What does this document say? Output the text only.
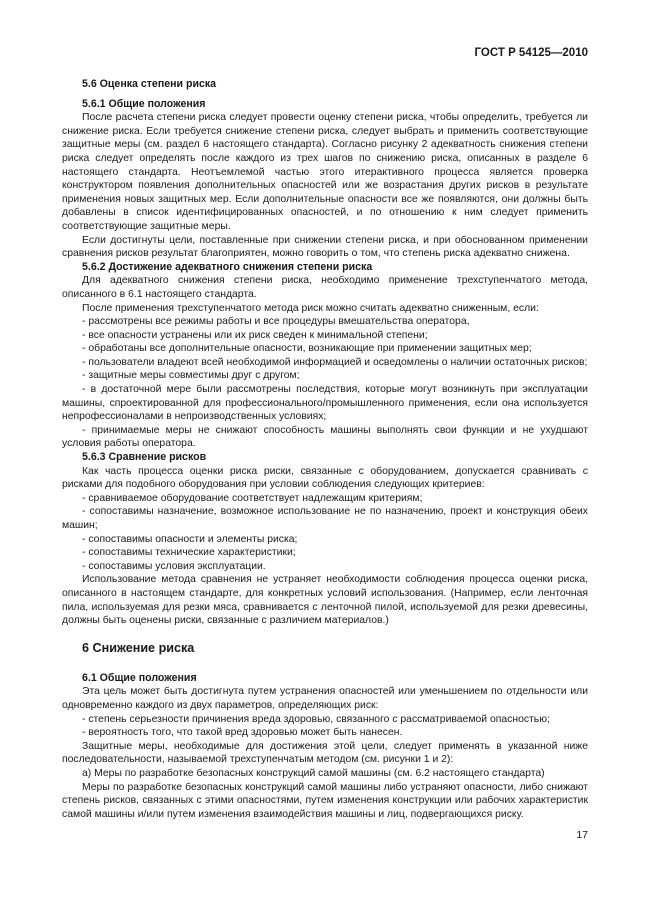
ГОСТ Р 54125—2010
5.6 Оценка степени риска
5.6.1 Общие положения

После расчета степени риска следует провести оценку степени риска, чтобы определить, требуется ли снижение риска. Если требуется снижение степени риска, следует выбрать и применить соответствующие защитные меры (см. раздел 6 настоящего стандарта). Согласно рисунку 2 адекватность снижения степени риска следует определять после каждого из трех шагов по снижению риска, описанных в разделе 6 настоящего стандарта. Неотъемлемой частью этого итерактивного процесса является проверка конструктором появления дополнительных опасностей или же возрастания других рисков в результате применения новых защитных мер. Если дополнительные опасности все же появляются, они должны быть добавлены в список идентифицированных опасностей, и по отношению к ним следует применить соответствующие защитные меры.

Если достигнуты цели, поставленные при снижении степени риска, и при обоснованном применении сравнения рисков результат благоприятен, можно говорить о том, что степень риска адекватно снижена.

5.6.2 Достижение адекватного снижения степени риска

Для адекватного снижения степени риска, необходимо применение трехступенчатого метода, описанного в 6.1 настоящего стандарта.

После применения трехступенчатого метода риск можно считать адекватно сниженным, если:

- рассмотрены все режимы работы и все процедуры вмешательства оператора,

- все опасности устранены или их риск сведен к минимальной степени;

- обработаны все дополнительные опасности, возникающие при применении защитных мер;

- пользователи владеют всей необходимой информацией и осведомлены о наличии остаточных рисков;

- защитные меры совместимы друг с другом;

- в достаточной мере были рассмотрены последствия, которые могут возникнуть при эксплуатации машины, спроектированной для профессионального/промышленного применения, если она используется непрофессионалами в непроизводственных условиях;

- принимаемые меры не снижают способность машины выполнять свои функции и не ухудшают условия работы оператора.

5.6.3 Сравнение рисков

Как часть процесса оценки риска риски, связанные с оборудованием, допускается сравнивать с рисками для подобного оборудования при условии соблюдения следующих критериев:

- сравниваемое оборудование соответствует надлежащим критериям;

- сопоставимы назначение, возможное использование не по назначению, проект и конструкция обеих машин;

- сопоставимы опасности и элементы риска;

- сопоставимы технические характеристики;

- сопоставимы условия эксплуатации.

Использование метода сравнения не устраняет необходимости соблюдения процесса оценки риска, описанного в настоящем стандарте, для конкретных условий использования. (Например, если ленточная пила, используемая для резки мяса, сравнивается с ленточной пилой, используемой для резки древесины, должны быть оценены риски, связанные с различием материалов.)

6 Снижение риска
6.1 Общие положения

Эта цель может быть достигнута путем устранения опасностей или уменьшением по отдельности или одновременно каждого из двух параметров, определяющих риск:

- степень серьезности причинения вреда здоровью, связанного с рассматриваемой опасностью;

- вероятность того, что такой вред здоровью может быть нанесен.

Защитные меры, необходимые для достижения этой цели, следует применять в указанной ниже последовательности, называемой трехступенчатым методом (см. рисунки 1 и 2):

а) Меры по разработке безопасных конструкций самой машины (см. 6.2 настоящего стандарта)

Меры по разработке безопасных конструкций самой машины либо устраняют опасности, либо снижают степень рисков, связанных с этими опасностями, путем изменения конструкции или рабочих характеристик самой машины и/или путем изменения взаимодействия машины и лиц, подвергающихся риску.

17
